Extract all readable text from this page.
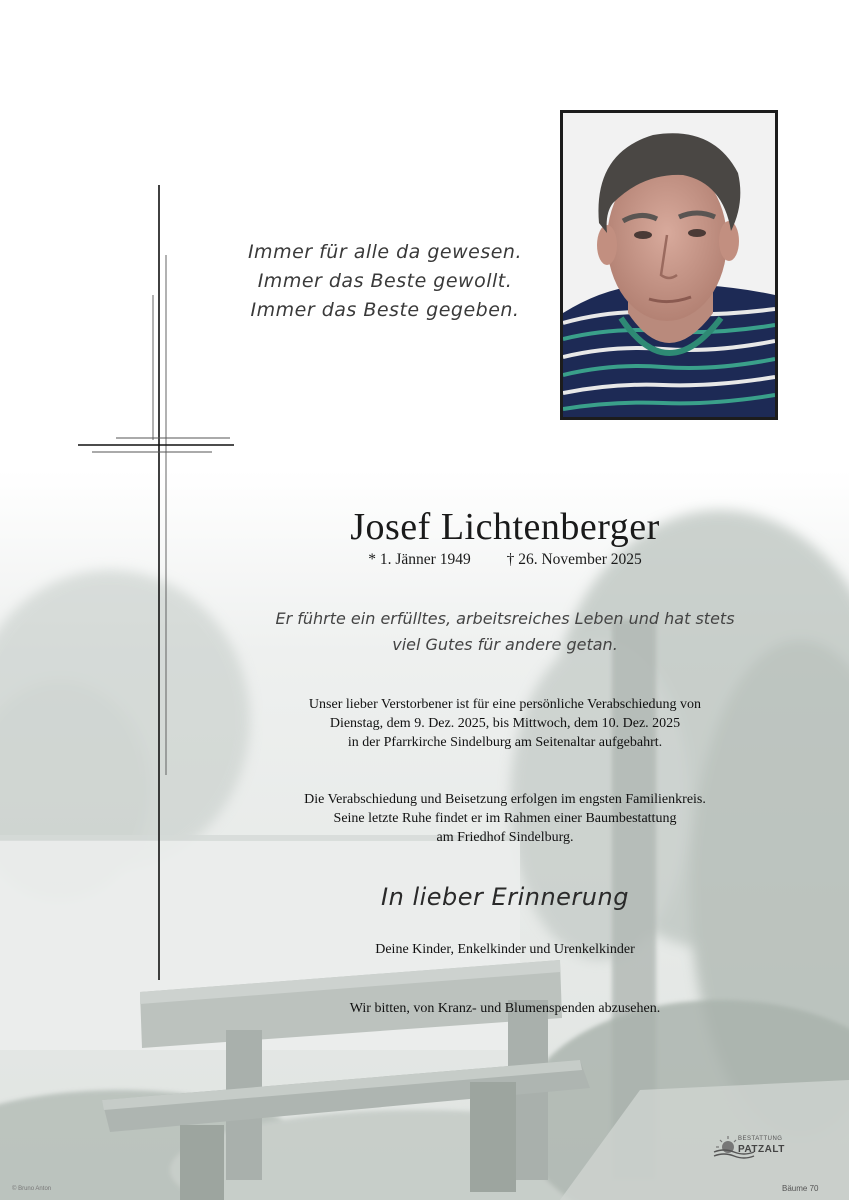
Immer für alle da gewesen.
Immer das Beste gewollt.
Immer das Beste gegeben.
Josef Lichtenberger
* 1. Jänner 1949 † 26. November 2025
Er führte ein erfülltes, arbeitsreiches Leben und hat stets
viel Gutes für andere getan.
Unser lieber Verstorbener ist für eine persönliche Verabschiedung von
Dienstag, dem 9. Dez. 2025, bis Mittwoch, dem 10. Dez. 2025
in der Pfarrkirche Sindelburg am Seitenaltar aufgebahrt.
Die Verabschiedung und Beisetzung erfolgen im engsten Familienkreis.
Seine letzte Ruhe findet er im Rahmen einer Baumbestattung
am Friedhof Sindelburg.
In lieber Erinnerung
Deine Kinder, Enkelkinder und Urenkelkinder
Wir bitten, von Kranz- und Blumenspenden abzusehen.
BESTATTUNG
PATZALT
© Bruno Anton	Bäume 70
